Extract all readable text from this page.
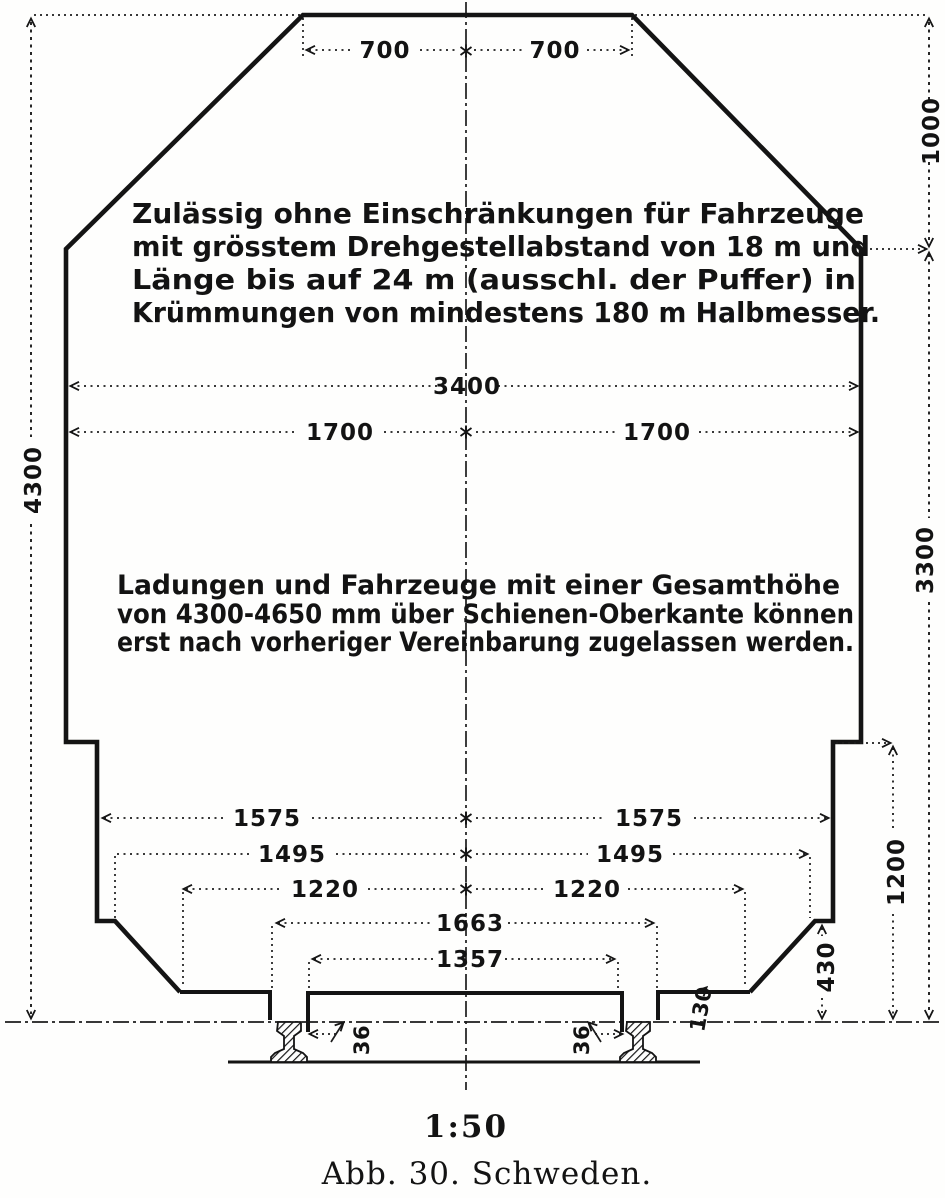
700	700
3400
1700	1700
1575	1575
1495	1495
1220	1220
1663
1357
4300
1000
3300
1200
430
130
36	36
Zulässig ohne Einschränkungen für Fahrzeuge
mit grösstem Drehgestellabstand von 18 m und
Länge bis auf 24 m (ausschl. der Puffer) in
Krümmungen von mindestens 180 m Halbmesser.
Ladungen und Fahrzeuge mit einer Gesamthöhe
von 4300-4650 mm über Schienen-Oberkante können
erst nach vorheriger Vereinbarung zugelassen werden.
1:50
Abb. 30. Schweden.
